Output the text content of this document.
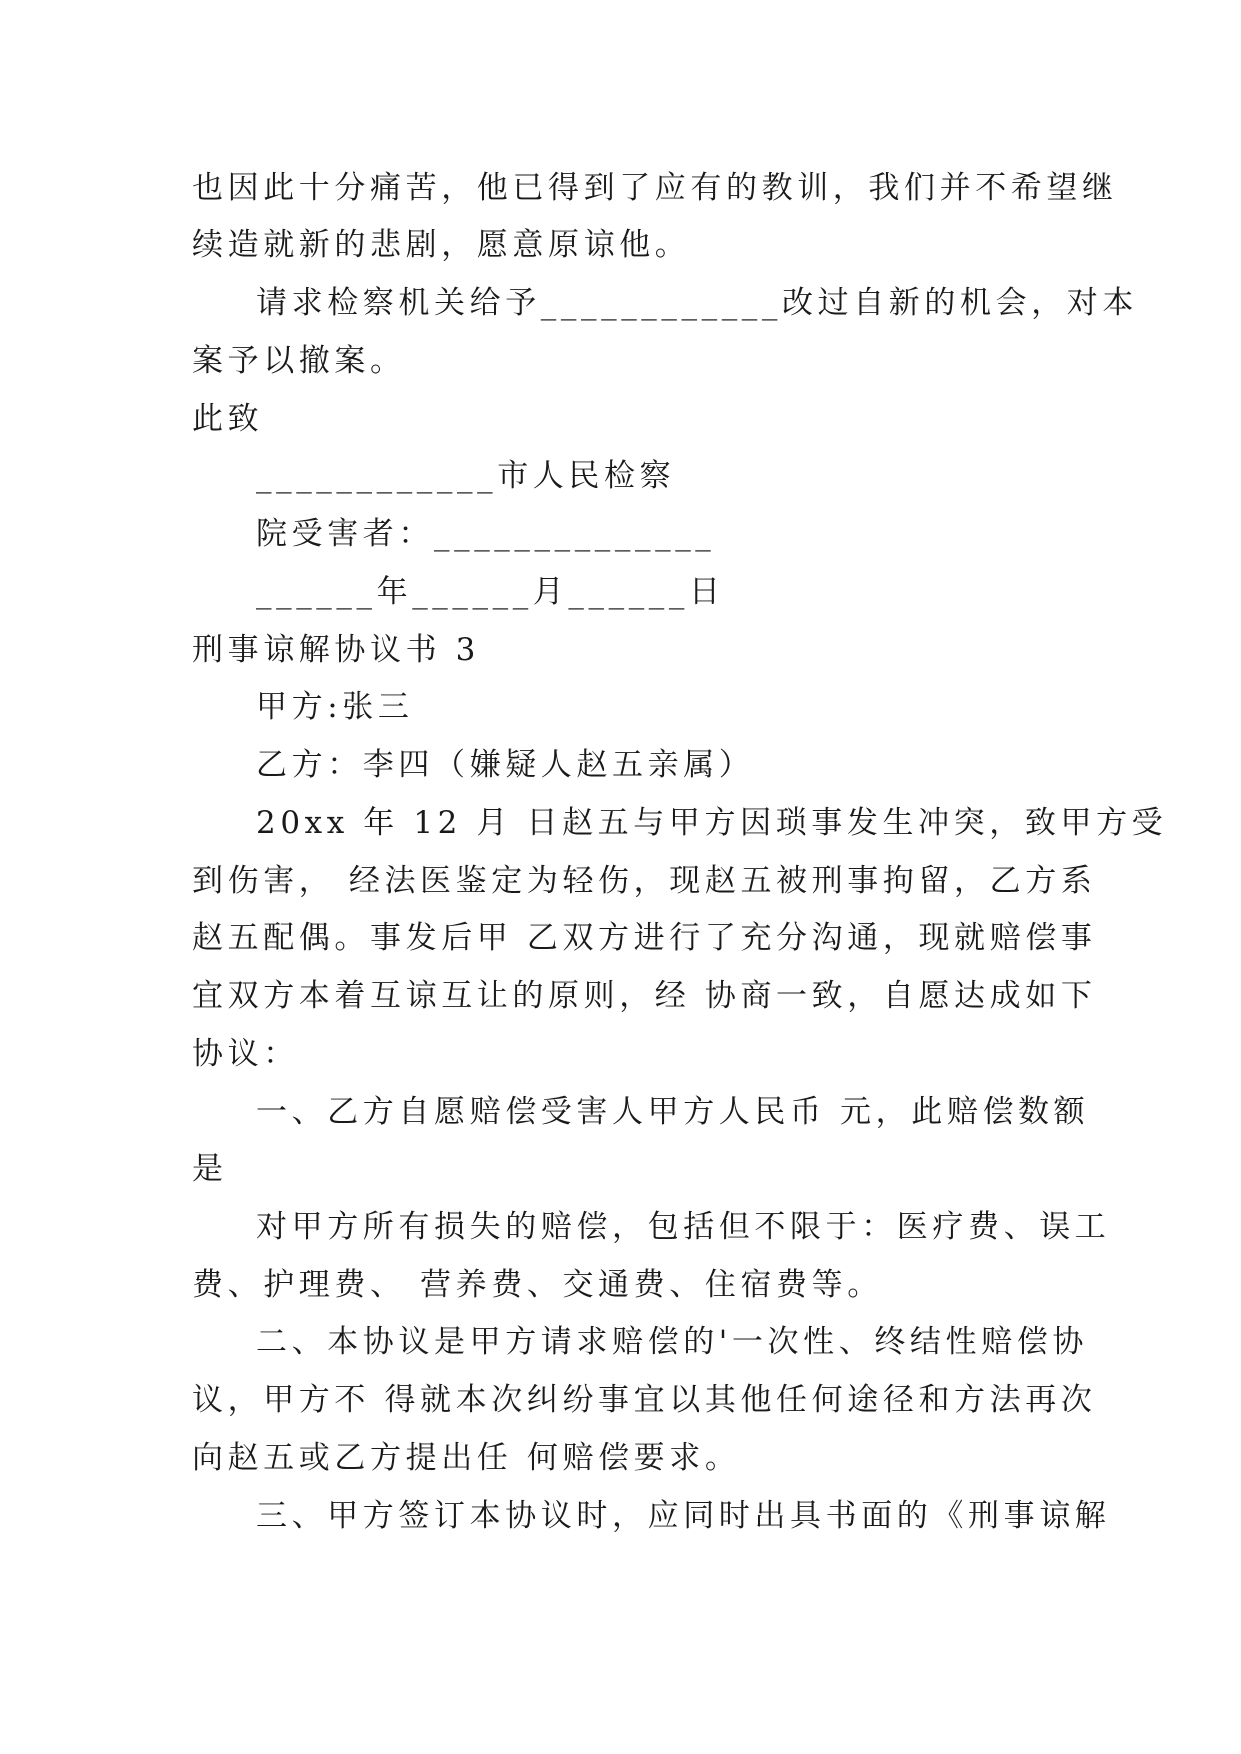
也因此十分痛苦，他已得到了应有的教训，我们并不希望继
续造就新的悲剧，愿意原谅他。
请求检察机关给予____________改过自新的机会，对本
案予以撤案。
此致
____________市人民检察
院受害者：______________
______年______月______日
刑事谅解协议书 3
甲方:张三
乙方：李四（嫌疑人赵五亲属）
20xx 年 12 月 日赵五与甲方因琐事发生冲突，致甲方受
到伤害， 经法医鉴定为轻伤，现赵五被刑事拘留，乙方系
赵五配偶。事发后甲 乙双方进行了充分沟通，现就赔偿事
宜双方本着互谅互让的原则，经 协商一致，自愿达成如下
协议：
一、乙方自愿赔偿受害人甲方人民币 元，此赔偿数额
是
对甲方所有损失的赔偿，包括但不限于：医疗费、误工
费、护理费、 营养费、交通费、住宿费等。
二、本协议是甲方请求赔偿的'一次性、终结性赔偿协
议，甲方不 得就本次纠纷事宜以其他任何途径和方法再次
向赵五或乙方提出任 何赔偿要求。
三、甲方签订本协议时，应同时出具书面的《刑事谅解
